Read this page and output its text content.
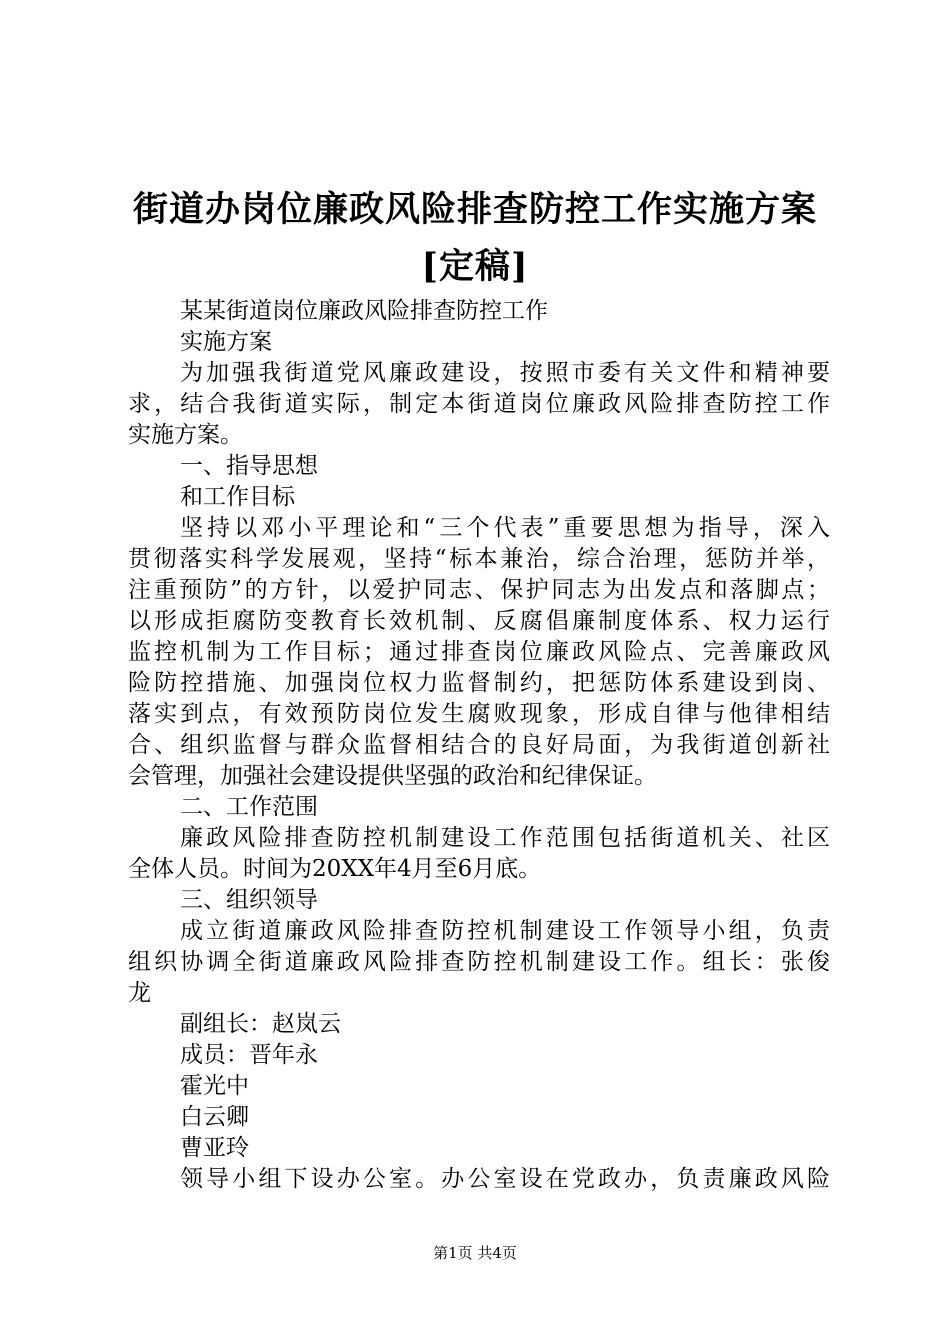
街道办岗位廉政风险排查防控工作实施方案
[定稿]
某某街道岗位廉政风险排查防控工作
实施方案
为加强我街道党风廉政建设，按照市委有关文件和精神要
求，结合我街道实际，制定本街道岗位廉政风险排查防控工作
实施方案。
一、指导思想
和工作目标
坚持以邓小平理论和“三个代表”重要思想为指导，深入
贯彻落实科学发展观，坚持“标本兼治，综合治理，惩防并举，
注重预防”的方针，以爱护同志、保护同志为出发点和落脚点；
以形成拒腐防变教育长效机制、反腐倡廉制度体系、权力运行
监控机制为工作目标；通过排查岗位廉政风险点、完善廉政风
险防控措施、加强岗位权力监督制约，把惩防体系建设到岗、
落实到点，有效预防岗位发生腐败现象，形成自律与他律相结
合、组织监督与群众监督相结合的良好局面，为我街道创新社
会管理，加强社会建设提供坚强的政治和纪律保证。
二、工作范围
廉政风险排查防控机制建设工作范围包括街道机关、社区
全体人员。时间为20XX年4月至6月底。
三、组织领导
成立街道廉政风险排查防控机制建设工作领导小组，负责
组织协调全街道廉政风险排查防控机制建设工作。组长：张俊
龙
副组长：赵岚云
成员：晋年永
霍光中
白云卿
曹亚玲
领导小组下设办公室。办公室设在党政办，负责廉政风险
第1页 共4页
